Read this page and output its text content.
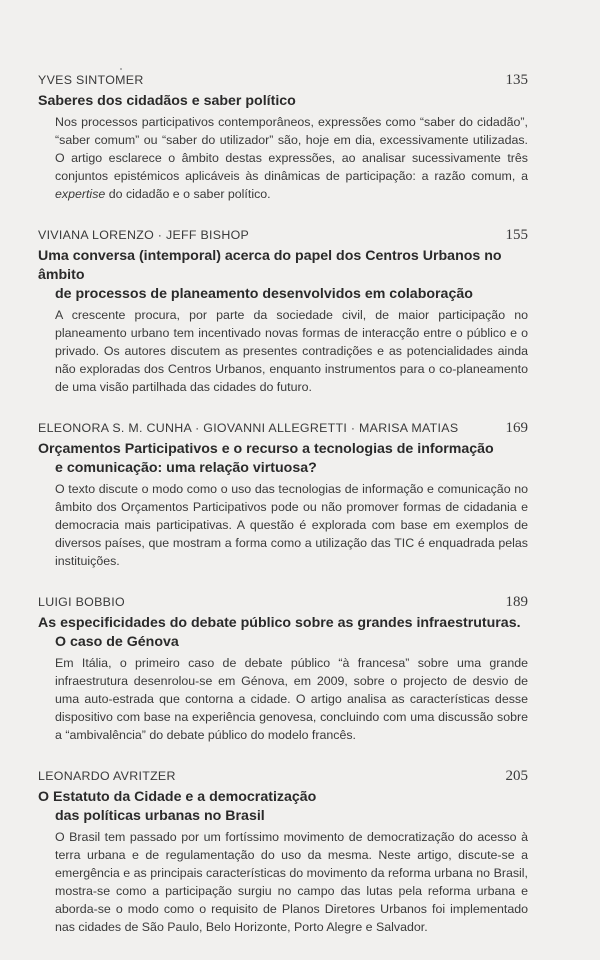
YVES SINTOMER	135
Saberes dos cidadãos e saber político

Nos processos participativos contemporâneos, expressões como “saber do cidadão”, “saber comum” ou “saber do utilizador” são, hoje em dia, excessivamente utilizadas. O artigo esclarece o âmbito destas expressões, ao analisar sucessivamente três conjuntos epistémicos aplicáveis às dinâmicas de participação: a razão comum, a expertise do cidadão e o saber político.

VIVIANA LORENZO · JEFF BISHOP	155
Uma conversa (intemporal) acerca do papel dos Centros Urbanos no âmbito
de processos de planeamento desenvolvidos em colaboração

A crescente procura, por parte da sociedade civil, de maior participação no planeamento urbano tem incentivado novas formas de interacção entre o público e o privado. Os autores discutem as presentes contradições e as potencialidades ainda não exploradas dos Centros Urbanos, enquanto instrumentos para o co-planeamento de uma visão partilhada das cidades do futuro.

ELEONORA S. M. CUNHA · GIOVANNI ALLEGRETTI · MARISA MATIAS	169
Orçamentos Participativos e o recurso a tecnologias de informação
e comunicação: uma relação virtuosa?

O texto discute o modo como o uso das tecnologias de informação e comunicação no âmbito dos Orçamentos Participativos pode ou não promover formas de cidadania e democracia mais participativas. A questão é explorada com base em exemplos de diversos países, que mostram a forma como a utilização das TIC é enquadrada pelas instituições.

LUIGI BOBBIO	189
As especificidades do debate público sobre as grandes infraestruturas.
O caso de Génova

Em Itália, o primeiro caso de debate público “à francesa” sobre uma grande infraestrutura desenrolou-se em Génova, em 2009, sobre o projecto de desvio de uma auto-estrada que contorna a cidade. O artigo analisa as características desse dispositivo com base na experiência genovesa, concluindo com uma discussão sobre a “ambivalência” do debate público do modelo francês.

LEONARDO AVRITZER	205
O Estatuto da Cidade e a democratização
das políticas urbanas no Brasil

O Brasil tem passado por um fortíssimo movimento de democratização do acesso à terra urbana e de regulamentação do uso da mesma. Neste artigo, discute-se a emergência e as principais características do movimento da reforma urbana no Brasil, mostra-se como a participação surgiu no campo das lutas pela reforma urbana e aborda-se o modo como o requisito de Planos Diretores Urbanos foi implementado nas cidades de São Paulo, Belo Horizonte, Porto Alegre e Salvador.
